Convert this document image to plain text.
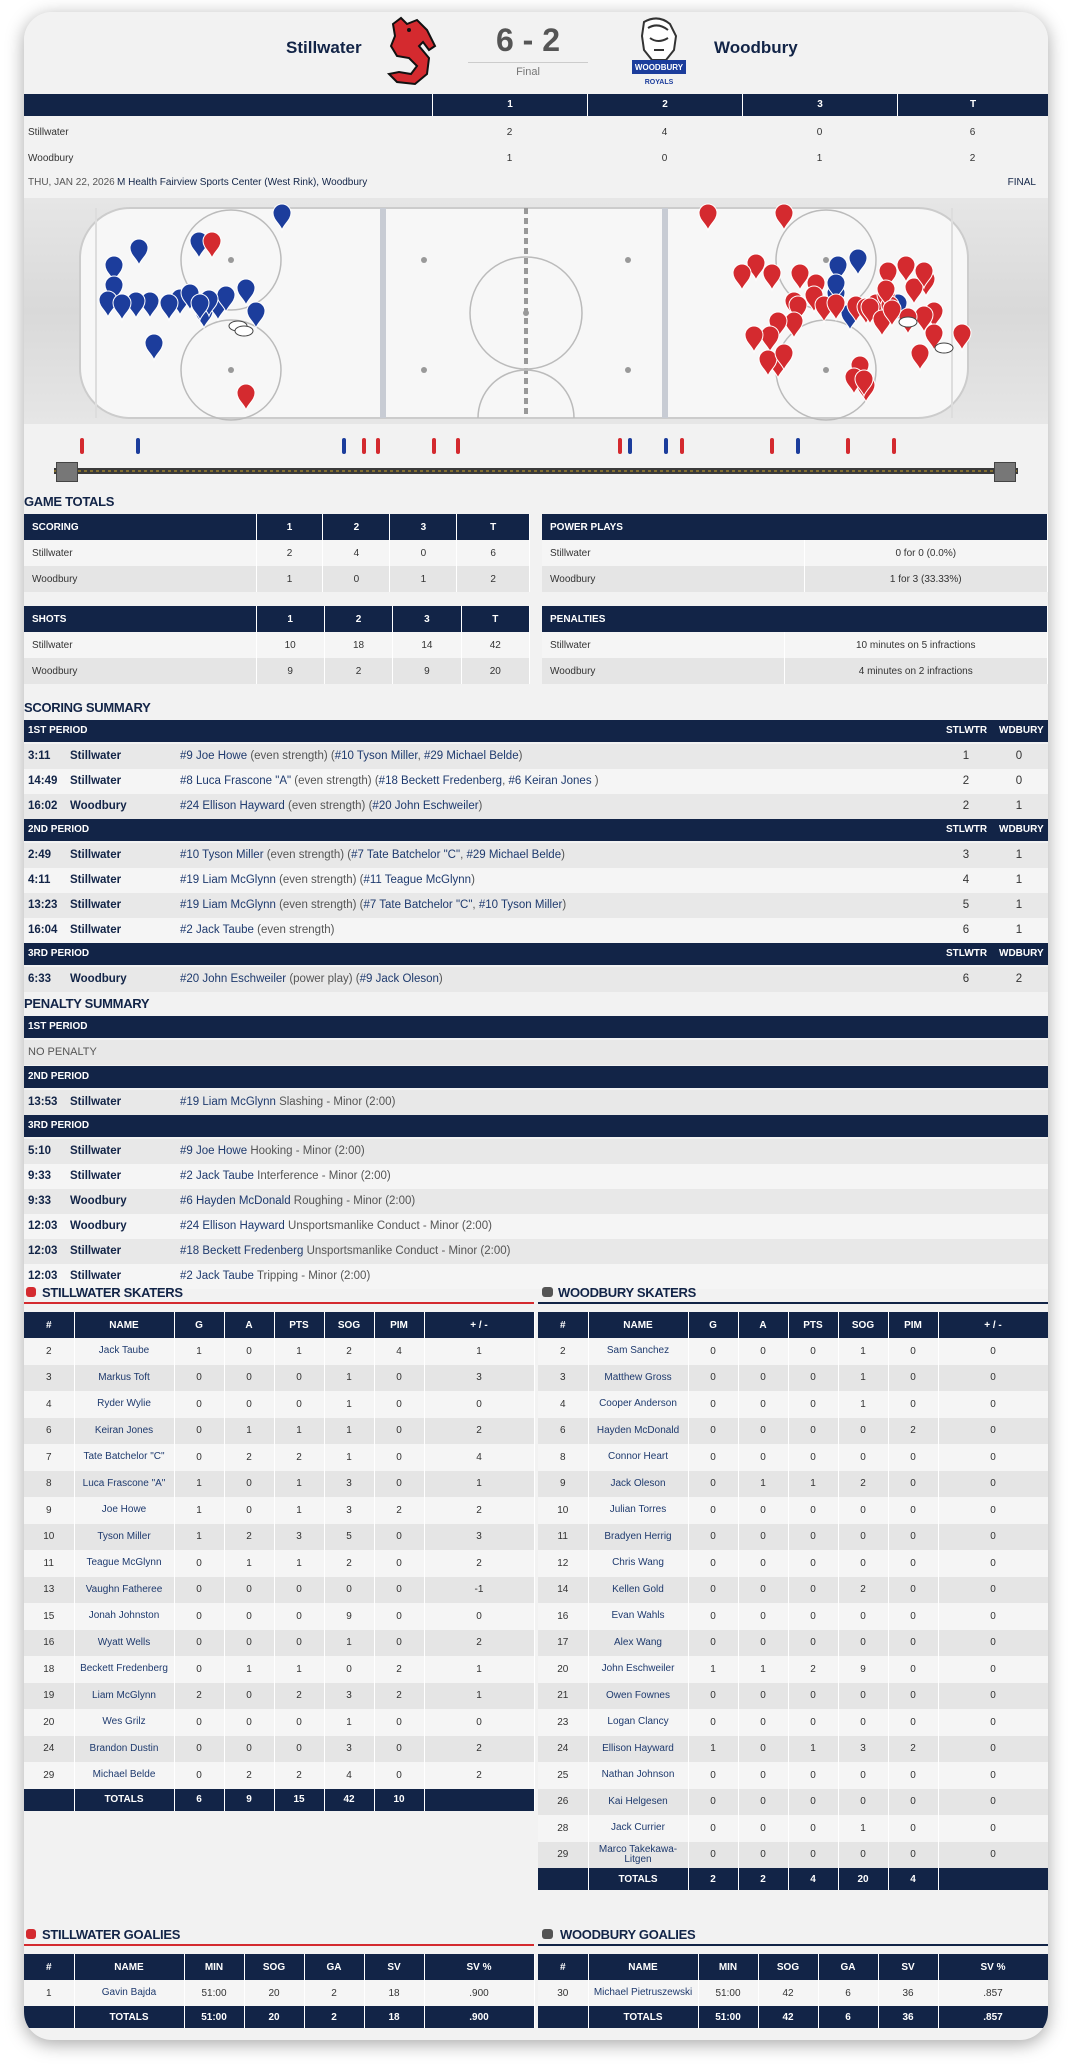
Stillwater	6 - 2
Final	WOODBURY
ROYALS
Woodbury
1	2	3	T
Stillwater	2	4	0	6
Woodbury	1	0	1	2
THU, JAN 22, 2026 M Health Fairview Sports Center (West Rink), Woodbury	FINAL
GAME TOTALS
SCORING	1	2	3	T
Stillwater	2	4	0	6
Woodbury	1	0	1	2
POWER PLAYS	
Stillwater	0 for 0 (0.0%)
Woodbury	1 for 3 (33.33%)
SHOTS	1	2	3	T
Stillwater	10	18	14	42
Woodbury	9	2	9	20
PENALTIES	
Stillwater	10 minutes on 5 infractions
Woodbury	4 minutes on 2 infractions
SCORING SUMMARY
1ST PERIOD	STLWTR WDBURY
3:11 Stillwater	#9 Joe Howe (even strength) (#10 Tyson Miller, #29 Michael Belde)	1	0
14:49 Stillwater	#8 Luca Frascone "A" (even strength) (#18 Beckett Fredenberg, #6 Keiran Jones )	2	0
16:02 Woodbury	#24 Ellison Hayward (even strength) (#20 John Eschweiler)	2	1
2ND PERIOD	STLWTR WDBURY
2:49 Stillwater	#10 Tyson Miller (even strength) (#7 Tate Batchelor "C", #29 Michael Belde)	3	1
4:11 Stillwater	#19 Liam McGlynn (even strength) (#11 Teague McGlynn)	4	1
13:23 Stillwater	#19 Liam McGlynn (even strength) (#7 Tate Batchelor "C", #10 Tyson Miller)	5	1
16:04 Stillwater	#2 Jack Taube (even strength)	6	1
3RD PERIOD	STLWTR WDBURY
6:33 Woodbury	#20 John Eschweiler (power play) (#9 Jack Oleson)	6	2
PENALTY SUMMARY
1ST PERIOD
NO PENALTY
2ND PERIOD
13:53 Stillwater	#19 Liam McGlynn Slashing - Minor (2:00)
3RD PERIOD
5:10 Stillwater	#9 Joe Howe Hooking - Minor (2:00)
9:33 Stillwater	#2 Jack Taube Interference - Minor (2:00)
9:33 Woodbury	#6 Hayden McDonald Roughing - Minor (2:00)
12:03 Woodbury	#24 Ellison Hayward Unsportsmanlike Conduct - Minor (2:00)
12:03 Stillwater	#18 Beckett Fredenberg Unsportsmanlike Conduct - Minor (2:00)
12:03 Stillwater	#2 Jack Taube Tripping - Minor (2:00)
STILLWATER SKATERS	WOODBURY SKATERS
#	NAME	G	A	PTS	SOG	PIM	+ / -
2	Jack Taube	1	0	1	2	4	1
3	Markus Toft	0	0	0	1	0	3
4	Ryder Wylie	0	0	0	1	0	0
6	Keiran Jones	0	1	1	1	0	2
7	Tate Batchelor "C"	0	2	2	1	0	4
8	Luca Frascone "A"	1	0	1	3	0	1
9	Joe Howe	1	0	1	3	2	2
10	Tyson Miller	1	2	3	5	0	3
11	Teague McGlynn	0	1	1	2	0	2
13	Vaughn Fatheree	0	0	0	0	0	-1
15	Jonah Johnston	0	0	0	9	0	0
16	Wyatt Wells	0	0	0	1	0	2
18	Beckett Fredenberg	0	1	1	0	2	1
19	Liam McGlynn	2	0	2	3	2	1
20	Wes Grilz	0	0	0	1	0	0
24	Brandon Dustin	0	0	0	3	0	2
29	Michael Belde	0	2	2	4	0	2
	TOTALS	6	9	15	42	10	
#	NAME	G	A	PTS	SOG	PIM	+ / -
2	Sam Sanchez	0	0	0	1	0	0
3	Matthew Gross	0	0	0	1	0	0
4	Cooper Anderson	0	0	0	1	0	0
6	Hayden McDonald	0	0	0	0	2	0
8	Connor Heart	0	0	0	0	0	0
9	Jack Oleson	0	1	1	2	0	0
10	Julian Torres	0	0	0	0	0	0
11	Bradyen Herrig	0	0	0	0	0	0
12	Chris Wang	0	0	0	0	0	0
14	Kellen Gold	0	0	0	2	0	0
16	Evan Wahls	0	0	0	0	0	0
17	Alex Wang	0	0	0	0	0	0
20	John Eschweiler	1	1	2	9	0	0
21	Owen Fownes	0	0	0	0	0	0
23	Logan Clancy	0	0	0	0	0	0
24	Ellison Hayward	1	0	1	3	2	0
25	Nathan Johnson	0	0	0	0	0	0
26	Kai Helgesen	0	0	0	0	0	0
28	Jack Currier	0	0	0	1	0	0
29	Marco Takekawa-Litgen	0	0	0	0	0	0
	TOTALS	2	2	4	20	4	
STILLWATER GOALIES	WOODBURY GOALIES
#	NAME	MIN	SOG	GA	SV	SV %
1	Gavin Bajda	51:00	20	2	18	.900
	TOTALS	51:00	20	2	18	.900
#	NAME	MIN	SOG	GA	SV	SV %
30	Michael Pietruszewski	51:00	42	6	36	.857
	TOTALS	51:00	42	6	36	.857
